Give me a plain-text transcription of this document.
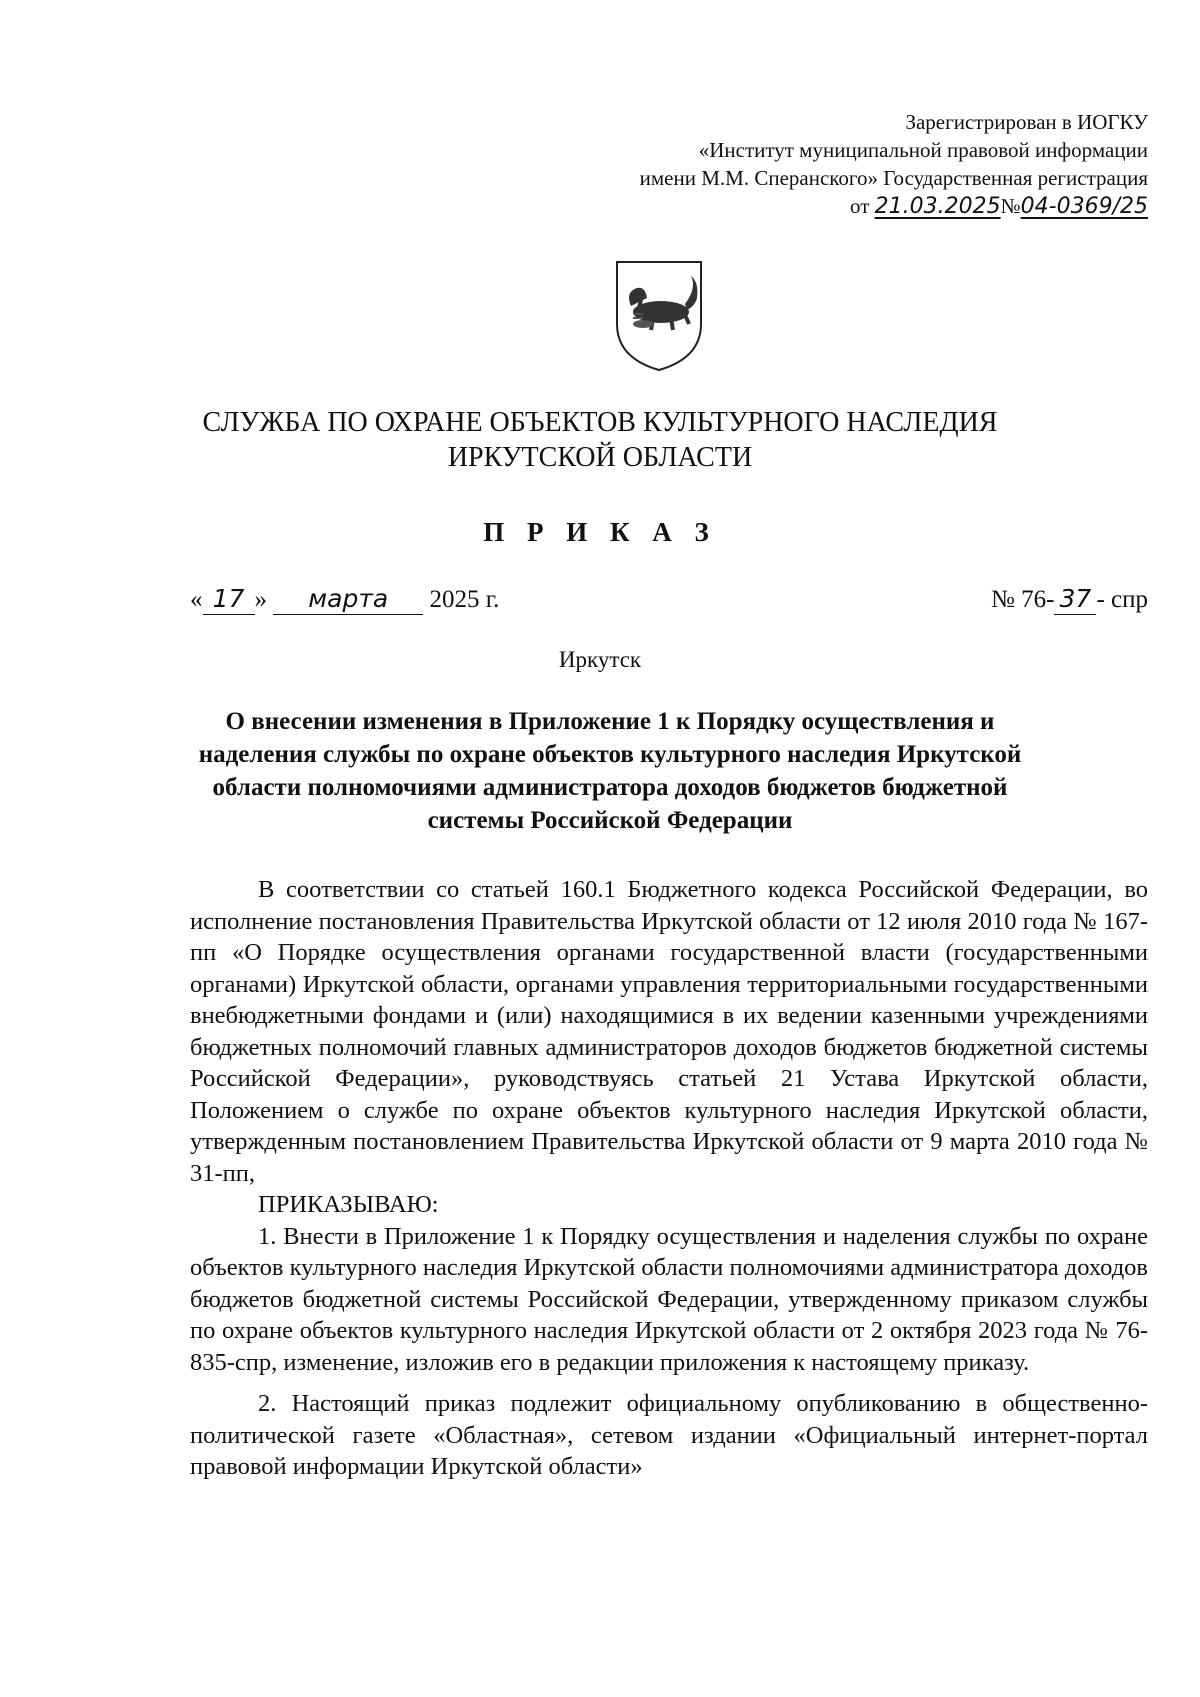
Зарегистрирован в ИОГКУ
«Институт муниципальной правовой информации
имени М.М. Сперанского» Государственная регистрация
от 21.03.2025№04-0369/25
СЛУЖБА ПО ОХРАНЕ ОБЪЕКТОВ КУЛЬТУРНОГО НАСЛЕДИЯ
ИРКУТСКОЙ ОБЛАСТИ
П Р И К А З
« 17 » марта 2025 г.	№ 76- 37 - спр
Иркутск
О внесении изменения в Приложение 1 к Порядку осуществления и наделения службы по охране объектов культурного наследия Иркутской области полномочиями администратора доходов бюджетов бюджетной системы Российской Федерации

В соответствии со статьей 160.1 Бюджетного кодекса Российской Федерации, во исполнение постановления Правительства Иркутской области от 12 июля 2010 года № 167-пп «О Порядке осуществления органами государственной власти (государственными органами) Иркутской области, органами управления территориальными государственными внебюджетными фондами и (или) находящимися в их ведении казенными учреждениями бюджетных полномочий главных администраторов доходов бюджетов бюджетной системы Российской Федерации», руководствуясь статьей 21 Устава Иркутской области, Положением о службе по охране объектов культурного наследия Иркутской области, утвержденным постановлением Правительства Иркутской области от 9 марта 2010 года № 31-пп,

ПРИКАЗЫВАЮ:

1. Внести в Приложение 1 к Порядку осуществления и наделения службы по охране объектов культурного наследия Иркутской области полномочиями администратора доходов бюджетов бюджетной системы Российской Федерации, утвержденному приказом службы по охране объектов культурного наследия Иркутской области от 2 октября 2023 года № 76-835-спр, изменение, изложив его в редакции приложения к настоящему приказу.

2. Настоящий приказ подлежит официальному опубликованию в общественно-политической газете «Областная», сетевом издании «Официальный интернет-портал правовой информации Иркутской области»
